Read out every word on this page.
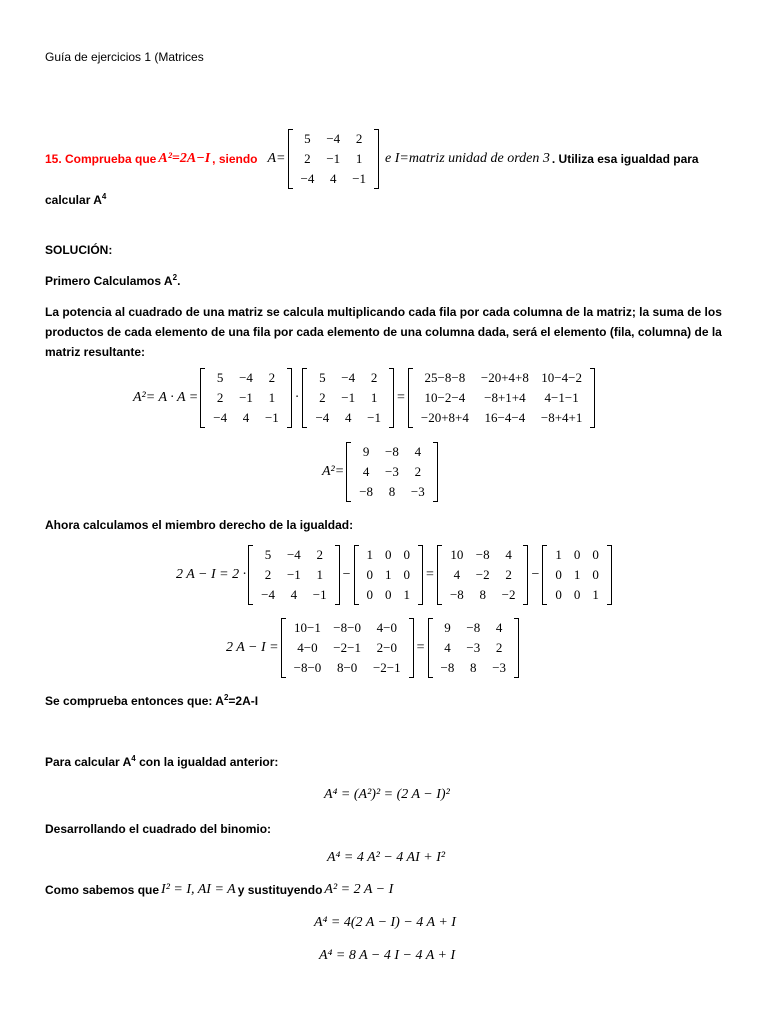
Guía de ejercicios 1 (Matrices
15. Comprueba que A²=2A−I , siendo A=
5	−4	2
2	−1	1
−4	4	−1
e I=matriz unidad de orden 3 . Utiliza esa igualdad para
calcular $A^4$
SOLUCIÓN:
Primero Calculamos $A^2$.
La potencia al cuadrado de una matriz se calcula multiplicando cada fila por cada columna de la matriz; la suma de los productos de cada elemento de una fila por cada elemento de una columna dada, será el elemento (fila, columna) de la matriz resultante:
A²= A · A =
5	−4	2
2	−1	1
−4	4	−1
·
5	−4	2
2	−1	1
−4	4	−1
=
25−8−8	−20+4+8	10−4−2
10−2−4	−8+1+4	4−1−1
−20+8+4	16−4−4	−8+4+1
A²=
9	−8	4
4	−3	2
−8	8	−3
Ahora calculamos el miembro derecho de la igualdad:
2 A − I = 2 ·
5	−4	2
2	−1	1
−4	4	−1
−
1	0	0
0	1	0
0	0	1
=
10	−8	4
4	−2	2
−8	8	−2
−
1	0	0
0	1	0
0	0	1
2 A − I =
10−1	−8−0	4−0
4−0	−2−1	2−0
−8−0	8−0	−2−1
=
9	−8	4
4	−3	2
−8	8	−3
Se comprueba entonces que: $A^2=2A-I$
Para calcular $A^4$ con la igualdad anterior:
A⁴ = (A²)² = (2 A − I)²
Desarrollando el cuadrado del binomio:
A⁴ = 4 A² − 4 AI + I²
Como sabemos que I² = I, AI = A y sustituyendo A² = 2 A − I
A⁴ = 4(2 A − I) − 4 A + I
A⁴ = 8 A − 4 I − 4 A + I
